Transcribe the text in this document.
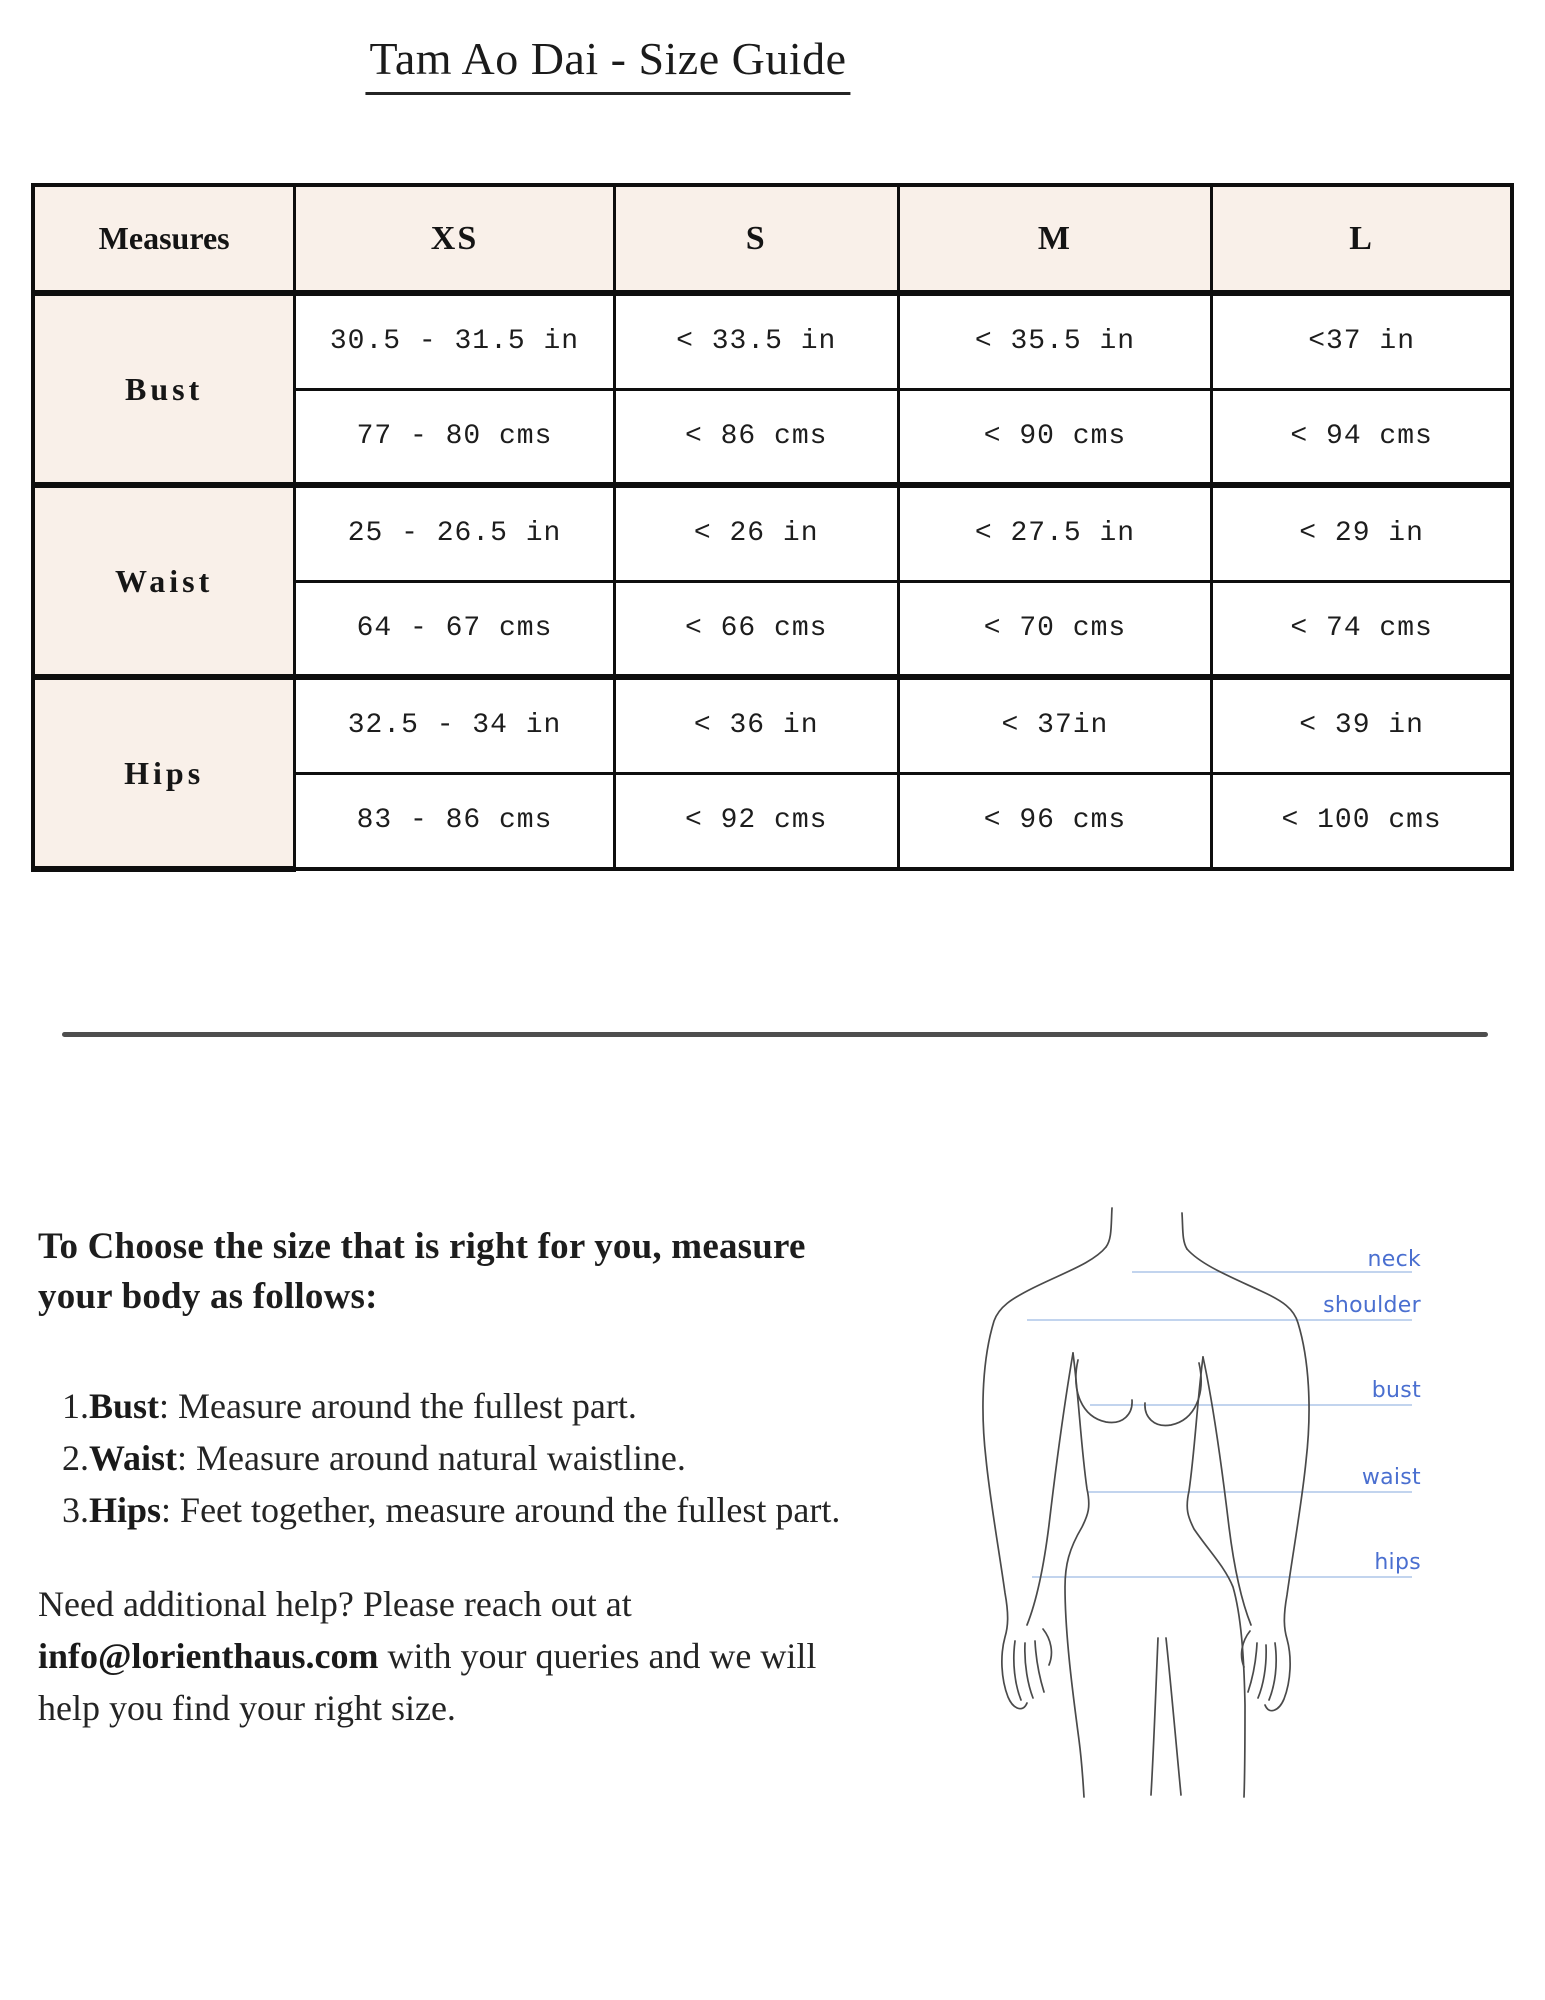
Tam Ao Dai - Size Guide
Measures	XS	S	M	L
Bust	30.5 - 31.5 in	< 33.5 in	< 35.5 in	<37 in
	77 - 80 cms	< 86 cms	< 90 cms	< 94 cms
Waist	25 - 26.5 in	< 26 in	< 27.5 in	< 29 in
	64 - 67 cms	< 66 cms	< 70 cms	< 74 cms
Hips	32.5 - 34 in	< 36 in	< 37in	< 39 in
	83 - 86 cms	< 92 cms	< 96 cms	< 100 cms
To Choose the size that is right for you, measure your body as follows:
1.Bust: Measure around the fullest part.
2.Waist: Measure around natural waistline.
3.Hips: Feet together, measure around the fullest part.

Need additional help? Please reach out at info@lorienthaus.com with your queries and we will help you find your right size.

neck
shoulder
bust
waist
hips
